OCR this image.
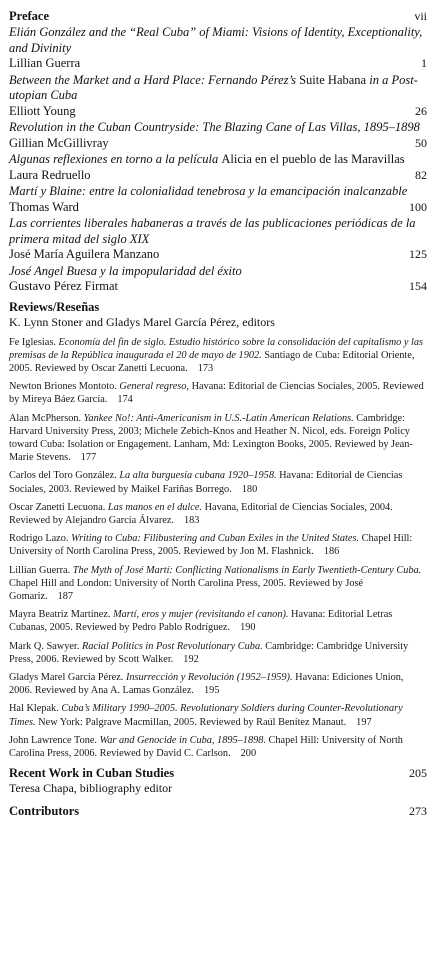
Preface	vii
Elián González and the “Real Cuba” of Miami: Visions of Identity, Exceptionality, and Divinity
Lillian Guerra	1
Between the Market and a Hard Place: Fernando Pérez’s Suite Habana in a Post-utopian Cuba
Elliott Young	26
Revolution in the Cuban Countryside: The Blazing Cane of Las Villas, 1895–1898
Gillian McGillivray	50
Algunas reflexiones en torno a la película Alicia en el pueblo de las Maravillas
Laura Redruello	82
Martí y Blaine: entre la colonialidad tenebrosa y la emancipación inalcanzable
Thomas Ward	100
Las corrientes liberales habaneras a través de las publicaciones periódicas de la primera mitad del siglo XIX
José María Aguilera Manzano	125
José Angel Buesa y la impopularidad del éxito
Gustavo Pérez Firmat	154
Reviews/Reseñas
K. Lynn Stoner and Gladys Marel García Pérez, editors
Fe Iglesias. Economía del fin de siglo. Estudio histórico sobre la consolidación del capitalismo y las premisas de la República inaugurada el 20 de mayo de 1902. Santiago de Cuba: Editorial Oriente, 2005. Reviewed by Oscar Zanetti Lecuona. 173
Newton Briones Montoto. General regreso, Havana: Editorial de Ciencias Sociales, 2005. Reviewed by Mireya Báez García. 174
Alan McPherson. Yankee No!: Anti-Americanism in U.S.-Latin American Relations. Cambridge: Harvard University Press, 2003; Michele Zebich-Knos and Heather N. Nicol, eds. Foreign Policy toward Cuba: Isolation or Engagement. Lanham, Md: Lexington Books, 2005. Reviewed by Jean-Marie Stevens. 177
Carlos del Toro González. La alta burguesía cubana 1920–1958. Havana: Editorial de Ciencias Sociales, 2003. Reviewed by Maikel Fariñas Borrego. 180
Oscar Zanetti Lecuona. Las manos en el dulce. Havana, Editorial de Ciencias Sociales, 2004. Reviewed by Alejandro García Álvarez. 183
Rodrigo Lazo. Writing to Cuba: Filibustering and Cuban Exiles in the United States. Chapel Hill: University of North Carolina Press, 2005. Reviewed by Jon M. Flashnick. 186
Lillian Guerra. The Myth of José Martí: Conflicting Nationalisms in Early Twentieth-Century Cuba. Chapel Hill and London: University of North Carolina Press, 2005. Reviewed by José Gomariz. 187
Mayra Beatriz Martínez. Martí, eros y mujer (revisitando el canon). Havana: Editorial Letras Cubanas, 2005. Reviewed by Pedro Pablo Rodríguez. 190
Mark Q. Sawyer. Racial Politics in Post Revolutionary Cuba. Cambridge: Cambridge University Press, 2006. Reviewed by Scott Walker. 192
Gladys Marel García Pérez. Insurrección y Revolución (1952–1959). Havana: Ediciones Union, 2006. Reviewed by Ana A. Lamas González. 195
Hal Klepak. Cuba’s Military 1990–2005. Revolutionary Soldiers during Counter-Revolutionary Times. New York: Palgrave Macmillan, 2005. Reviewed by Raúl Benítez Manaut. 197
John Lawrence Tone. War and Genocide in Cuba, 1895–1898. Chapel Hill: University of North Carolina Press, 2006. Reviewed by David C. Carlson. 200
Recent Work in Cuban Studies	205
Teresa Chapa, bibliography editor
Contributors	273
